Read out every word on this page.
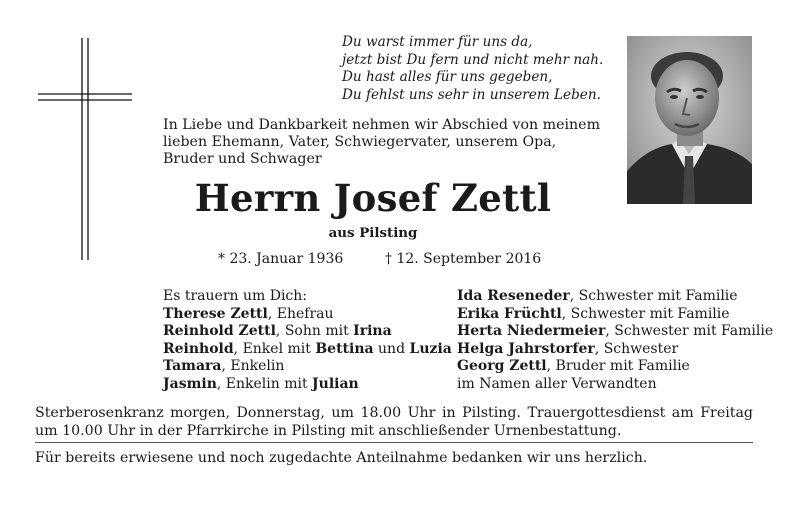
Du warst immer für uns da,
jetzt bist Du fern und nicht mehr nah.
Du hast alles für uns gegeben,
Du fehlst uns sehr in unserem Leben.
In Liebe und Dankbarkeit nehmen wir Abschied von meinem lieben Ehemann, Vater, Schwiegervater, unserem Opa, Bruder und Schwager
Herrn Josef Zettl
aus Pilsting
* 23. Januar 1936	† 12. September 2016
Es trauern um Dich:
Therese Zettl, Ehefrau
Reinhold Zettl, Sohn mit Irina
Reinhold, Enkel mit Bettina und Luzia
Tamara, Enkelin
Jasmin, Enkelin mit Julian
Ida Reseneder, Schwester mit Familie
Erika Früchtl, Schwester mit Familie
Herta Niedermeier, Schwester mit Familie
Helga Jahrstorfer, Schwester
Georg Zettl, Bruder mit Familie
im Namen aller Verwandten
Sterberosenkranz morgen, Donnerstag, um 18.00 Uhr in Pilsting. Trauergottesdienst am Freitag um 10.00 Uhr in der Pfarrkirche in Pilsting mit anschließender Urnenbestattung.
Für bereits erwiesene und noch zugedachte Anteilnahme bedanken wir uns herzlich.
